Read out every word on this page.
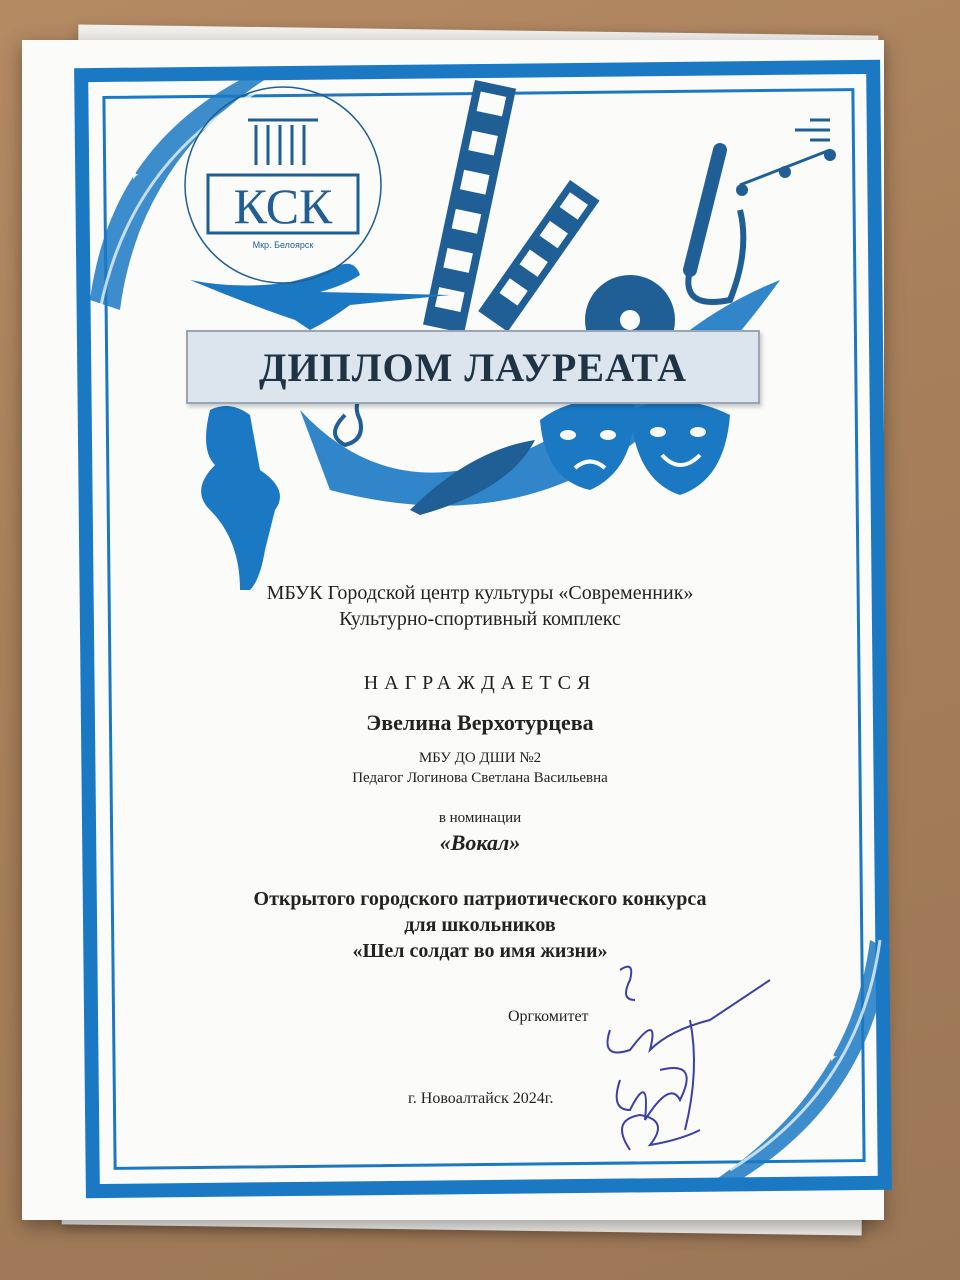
КСК
Мкр. Белоярск
ДИПЛОМ ЛАУРЕАТА
МБУК Городской центр культуры «Современник»
Культурно-спортивный комплекс
НАГРАЖДАЕТСЯ
Эвелина Верхотурцева
МБУ ДО ДШИ №2
Педагог Логинова Светлана Васильевна
в номинации
«Вокал»
Открытого городского патриотического конкурса
для школьников
«Шел солдат во имя жизни»
Оргкомитет
г. Новоалтайск 2024г.
✦
✦
